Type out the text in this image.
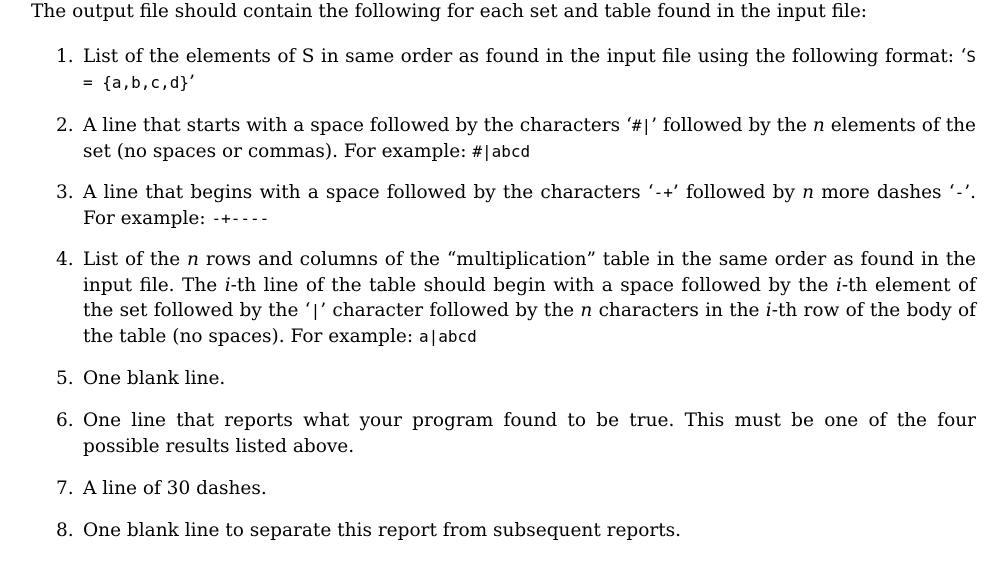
The output file should contain the following for each set and table found in the input file:
1. List of the elements of S in same order as found in the input file using the following format: ‘S = {a,b,c,d}’
2. A line that starts with a space followed by the characters ‘#|’ followed by the n elements of the set (no spaces or commas). For example: #|abcd
3. A line that begins with a space followed by the characters ‘-+’ followed by n more dashes ‘-’. For example: -+----
4. List of the n rows and columns of the “multiplication” table in the same order as found in the input file. The i-th line of the table should begin with a space followed by the i-th element of the set followed by the ‘|’ character followed by the n characters in the i-th row of the body of the table (no spaces). For example: a|abcd
5. One blank line.
6. One line that reports what your program found to be true. This must be one of the four possible results listed above.
7. A line of 30 dashes.
8. One blank line to separate this report from subsequent reports.
